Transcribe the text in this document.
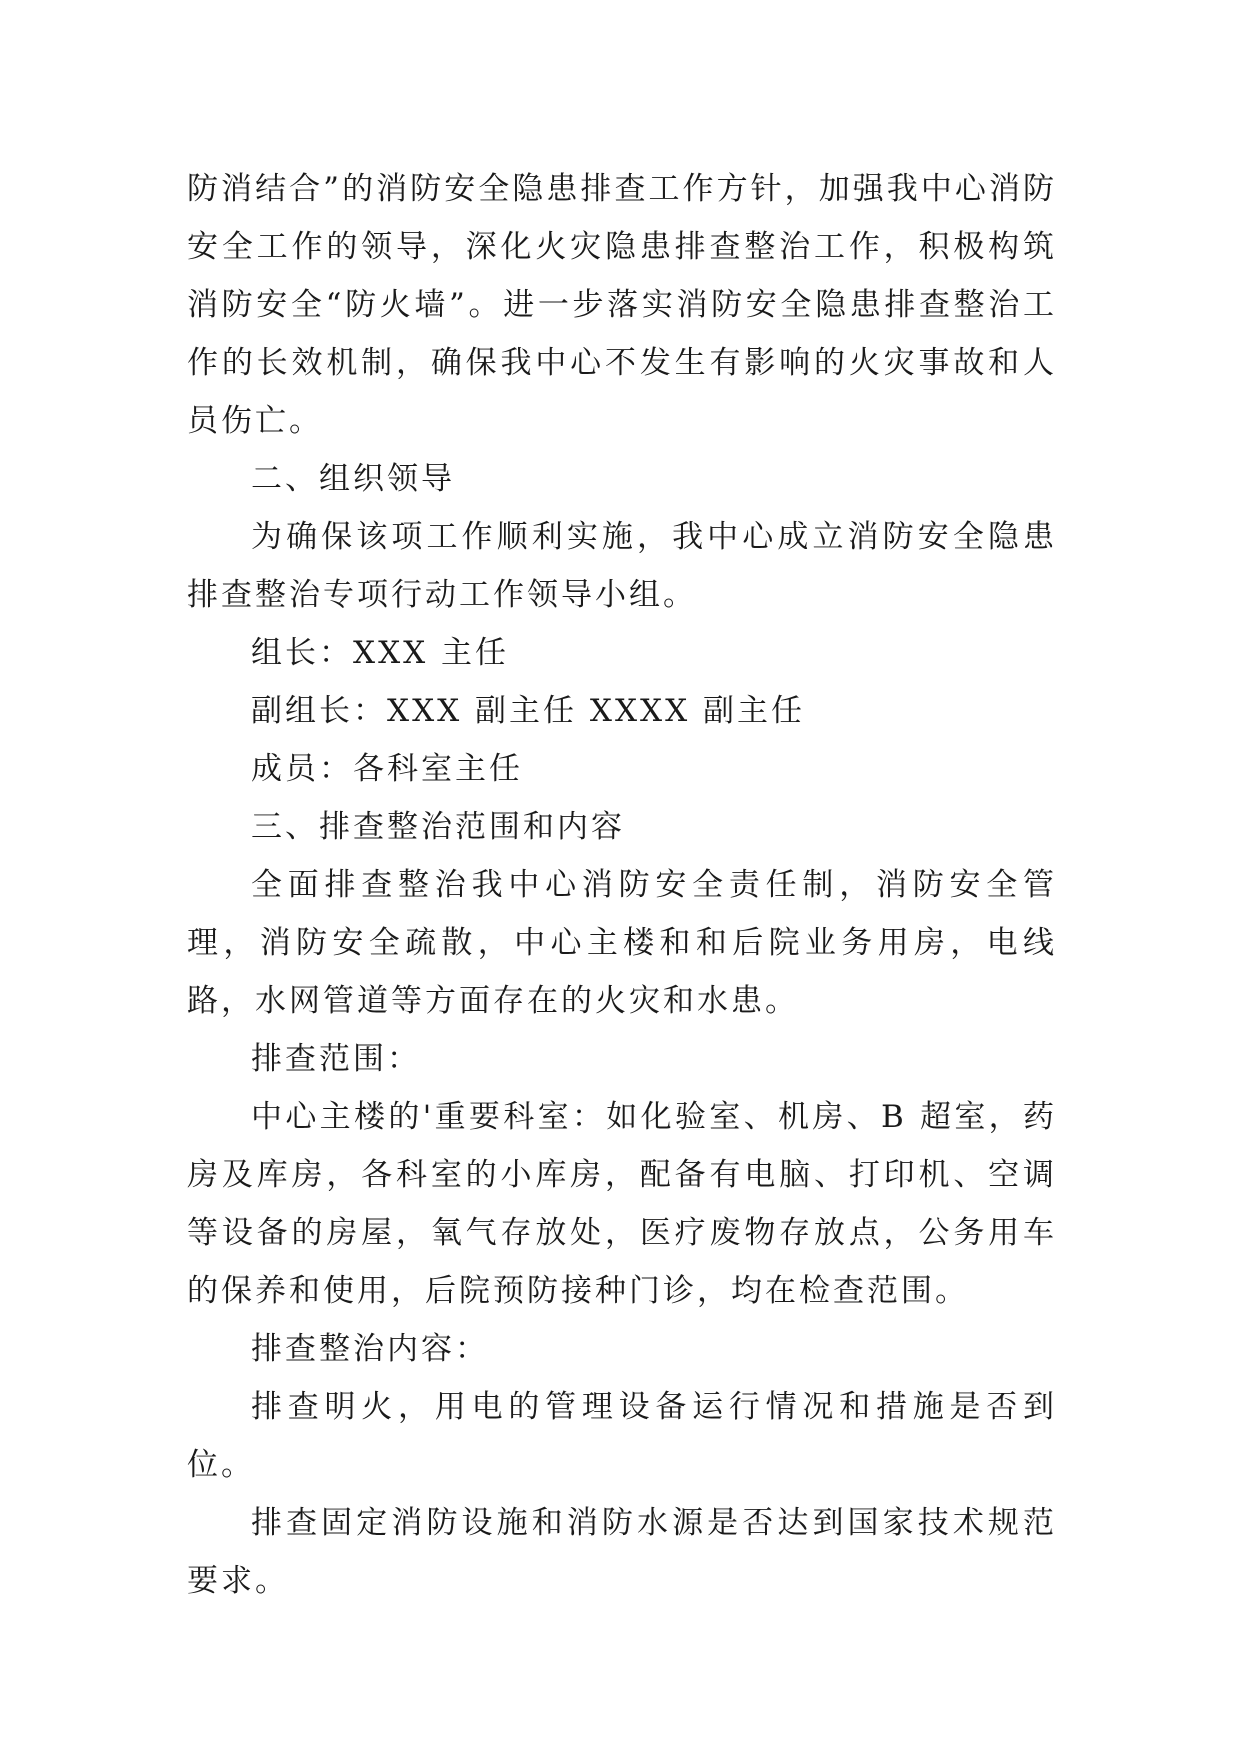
防消结合”的消防安全隐患排查工作方针，加强我中心消防安全工作的领导，深化火灾隐患排查整治工作，积极构筑消防安全“防火墙”。进一步落实消防安全隐患排查整治工作的长效机制，确保我中心不发生有影响的火灾事故和人员伤亡。

二、组织领导

为确保该项工作顺利实施，我中心成立消防安全隐患排查整治专项行动工作领导小组。

组长：XXX 主任

副组长：XXX 副主任 XXXX 副主任

成员：各科室主任

三、排查整治范围和内容

全面排查整治我中心消防安全责任制，消防安全管理，消防安全疏散，中心主楼和和后院业务用房，电线路，水网管道等方面存在的火灾和水患。

排查范围：

中心主楼的'重要科室：如化验室、机房、B 超室，药房及库房，各科室的小库房，配备有电脑、打印机、空调等设备的房屋，氧气存放处，医疗废物存放点，公务用车的保养和使用，后院预防接种门诊，均在检查范围。

排查整治内容：

排查明火，用电的管理设备运行情况和措施是否到位。

排查固定消防设施和消防水源是否达到国家技术规范要求。
